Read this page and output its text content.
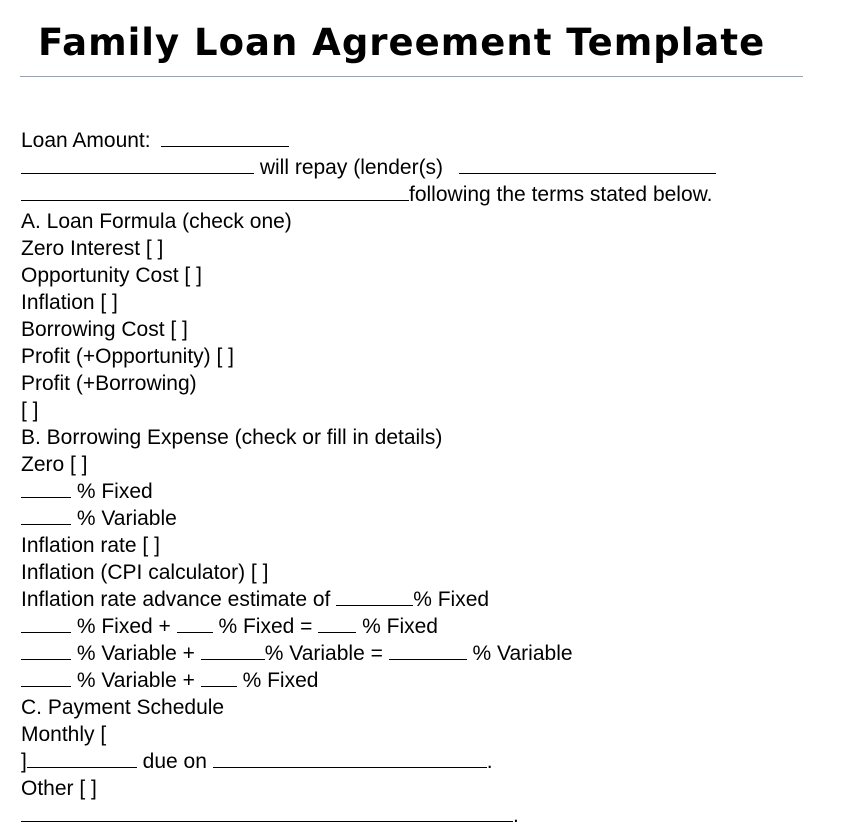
Family Loan Agreement Template
Loan Amount:
will repay (lender(s)
following the terms stated below.
A. Loan Formula (check one)
Zero Interest [ ]
Opportunity Cost [ ]
Inflation [ ]
Borrowing Cost [ ]
Profit (+Opportunity) [ ]
Profit (+Borrowing)
[ ]
B. Borrowing Expense (check or fill in details)
Zero [ ]
% Fixed
% Variable
Inflation rate [ ]
Inflation (CPI calculator) [ ]
Inflation rate advance estimate of	% Fixed
% Fixed +  % Fixed =  % Fixed
% Variable +	% Variable =	% Variable
% Variable +  % Fixed
C. Payment Schedule
Monthly [
]	due on	.
Other [ ]
.
